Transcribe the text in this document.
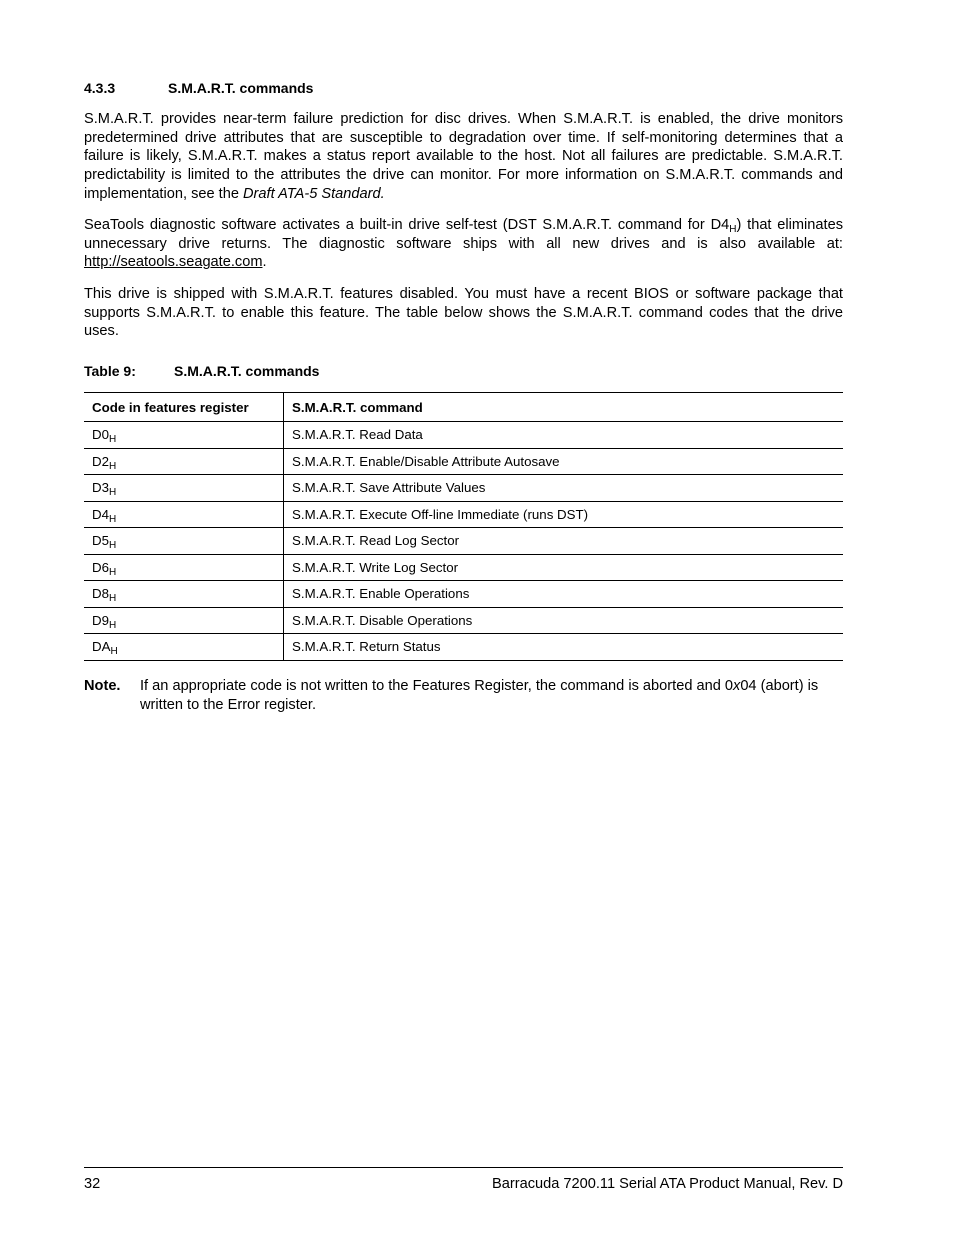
4.3.3	S.M.A.R.T. commands

S.M.A.R.T. provides near-term failure prediction for disc drives. When S.M.A.R.T. is enabled, the drive monitors predetermined drive attributes that are susceptible to degradation over time. If self-monitoring determines that a failure is likely, S.M.A.R.T. makes a status report available to the host. Not all failures are predictable. S.M.A.R.T. predictability is limited to the attributes the drive can monitor. For more information on S.M.A.R.T. commands and implementation, see the Draft ATA-5 Standard.

SeaTools diagnostic software activates a built-in drive self-test (DST S.M.A.R.T. command for $D4_H$) that eliminates unnecessary drive returns. The diagnostic software ships with all new drives and is also available at: http://seatools.seagate.com.

This drive is shipped with S.M.A.R.T. features disabled. You must have a recent BIOS or software package that supports S.M.A.R.T. to enable this feature. The table below shows the S.M.A.R.T. command codes that the drive uses.

Table 9:	S.M.A.R.T. commands
Code in features register	S.M.A.R.T. command
$D0_H$	S.M.A.R.T. Read Data
$D2_H$	S.M.A.R.T. Enable/Disable Attribute Autosave
$D3_H$	S.M.A.R.T. Save Attribute Values
$D4_H$	S.M.A.R.T. Execute Off-line Immediate (runs DST)
$D5_H$	S.M.A.R.T. Read Log Sector
$D6_H$	S.M.A.R.T. Write Log Sector
$D8_H$	S.M.A.R.T. Enable Operations
$D9_H$	S.M.A.R.T. Disable Operations
$DA_H$	S.M.A.R.T. Return Status
Note. If an appropriate code is not written to the Features Register, the command is aborted and 0x04 (abort) is written to the Error register.
32	Barracuda 7200.11 Serial ATA Product Manual, Rev. D
